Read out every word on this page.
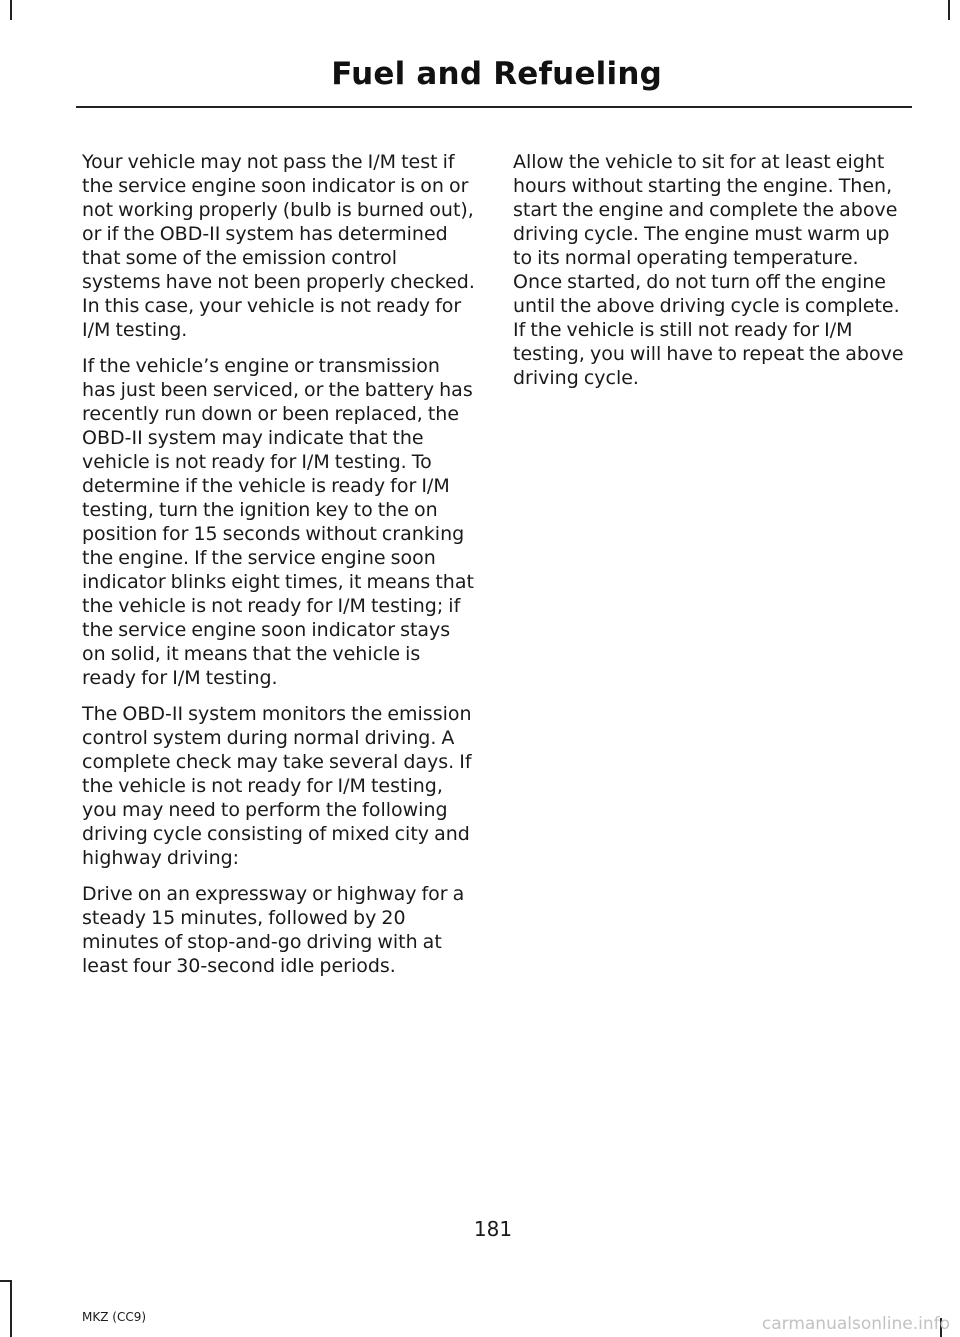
Fuel and Refueling

Your vehicle may not pass the I/M test if the service engine soon indicator is on or not working properly (bulb is burned out), or if the OBD-II system has determined that some of the emission control systems have not been properly checked. In this case, your vehicle is not ready for I/M testing.

If the vehicle’s engine or transmission has just been serviced, or the battery has recently run down or been replaced, the OBD-II system may indicate that the vehicle is not ready for I/M testing. To determine if the vehicle is ready for I/M testing, turn the ignition key to the on position for 15 seconds without cranking the engine. If the service engine soon indicator blinks eight times, it means that the vehicle is not ready for I/M testing; if the service engine soon indicator stays on solid, it means that the vehicle is ready for I/M testing.

The OBD-II system monitors the emission control system during normal driving. A complete check may take several days. If the vehicle is not ready for I/M testing, you may need to perform the following driving cycle consisting of mixed city and highway driving:

Drive on an expressway or highway for a steady 15 minutes, followed by 20 minutes of stop-and-go driving with at least four 30-second idle periods.

Allow the vehicle to sit for at least eight hours without starting the engine. Then, start the engine and complete the above driving cycle. The engine must warm up to its normal operating temperature. Once started, do not turn off the engine until the above driving cycle is complete. If the vehicle is still not ready for I/M testing, you will have to repeat the above driving cycle.

181
MKZ (CC9)	carmanualsonline.info
